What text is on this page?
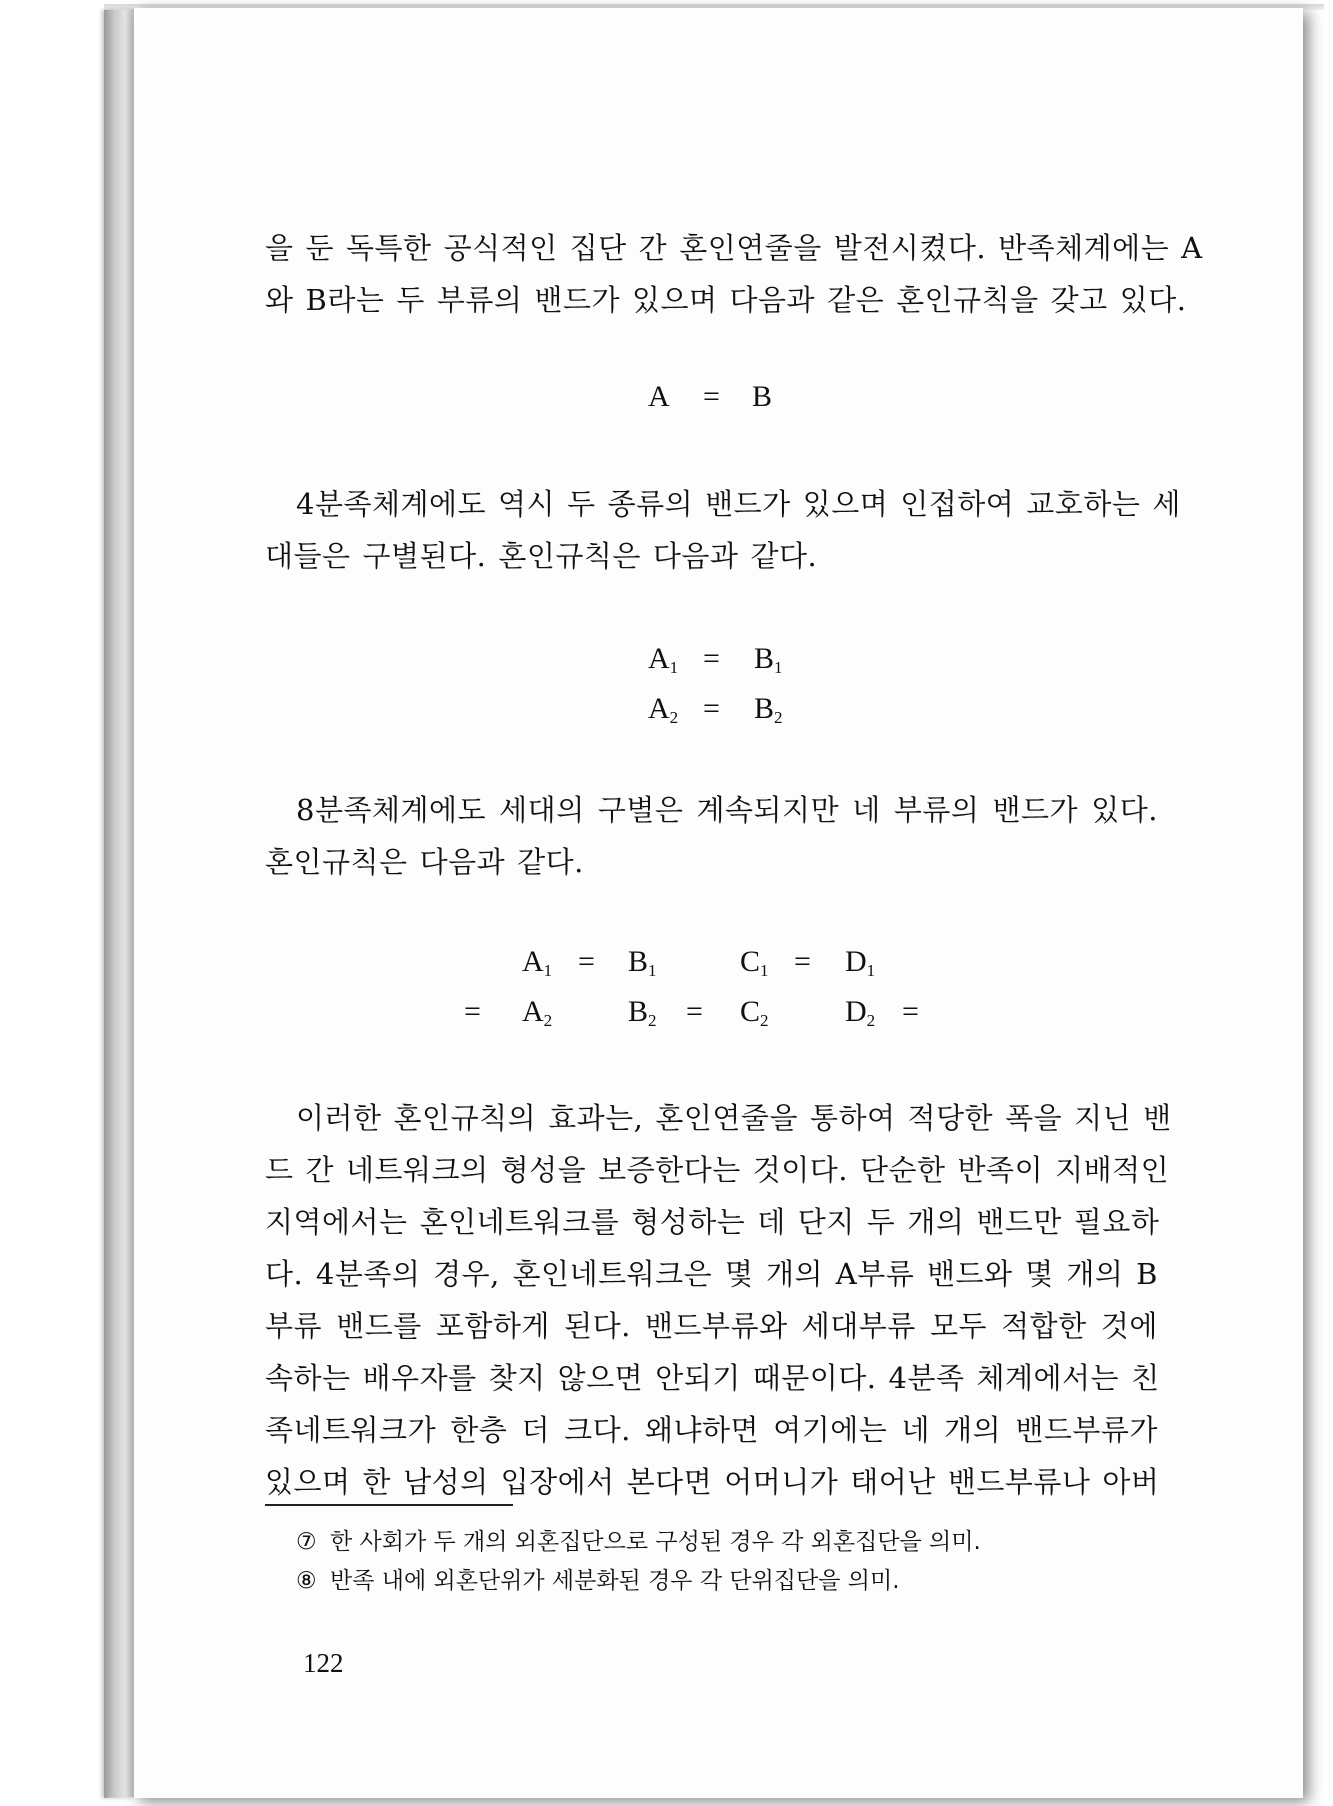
을 둔 독특한 공식적인 집단 간 혼인연줄을 발전시켰다. 반족체계에는 A
와 B라는 두 부류의 밴드가 있으며 다음과 같은 혼인규칙을 갖고 있다.
A = B
4분족체계에도 역시 두 종류의 밴드가 있으며 인접하여 교호하는 세
대들은 구별된다. 혼인규칙은 다음과 같다.
$A_1 = B_1$
$A_2 = B_2$
8분족체계에도 세대의 구별은 계속되지만 네 부류의 밴드가 있다.
혼인규칙은 다음과 같다.
$A_1 = B_1$	$C_1 = D_1$
= $A_2$	$B_2 = C_2$	$D_2$ =
이러한 혼인규칙의 효과는, 혼인연줄을 통하여 적당한 폭을 지닌 밴
드 간 네트워크의 형성을 보증한다는 것이다. 단순한 반족이 지배적인
지역에서는 혼인네트워크를 형성하는 데 단지 두 개의 밴드만 필요하
다. 4분족의 경우, 혼인네트워크은 몇 개의 A부류 밴드와 몇 개의 B
부류 밴드를 포함하게 된다. 밴드부류와 세대부류 모두 적합한 것에
속하는 배우자를 찾지 않으면 안되기 때문이다. 4분족 체계에서는 친
족네트워크가 한층 더 크다. 왜냐하면 여기에는 네 개의 밴드부류가
있으며 한 남성의 입장에서 본다면 어머니가 태어난 밴드부류나 아버
⑦ 한 사회가 두 개의 외혼집단으로 구성된 경우 각 외혼집단을 의미.
⑧ 반족 내에 외혼단위가 세분화된 경우 각 단위집단을 의미.
122
